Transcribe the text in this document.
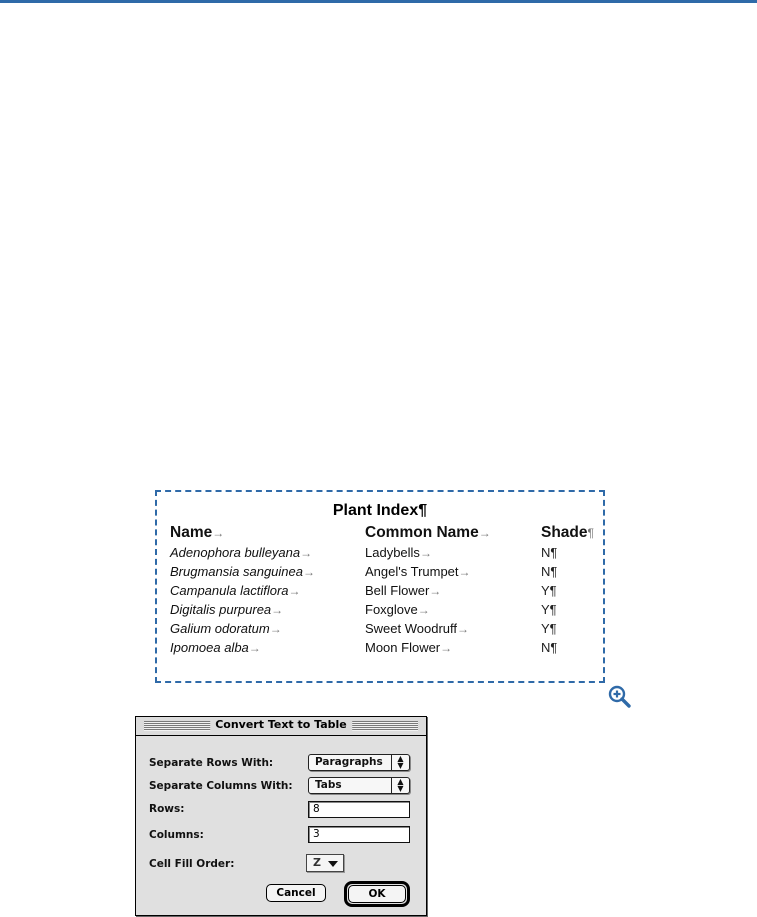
Plant Index¶
Name→	Common Name→	Shade¶
Adenophora bulleyana→	Ladybells→	N¶
Brugmansia sanguinea→	Angel's Trumpet→	N¶
Campanula lactiflora→	Bell Flower→	Y¶
Digitalis purpurea→	Foxglove→	Y¶
Galium odoratum→	Sweet Woodruff→	Y¶
Ipomoea alba→	Moon Flower→	N¶
Convert Text to Table
Separate Rows With:	Paragraphs	▲
▼
Separate Columns With: Tabs	▲
▼
Rows:	8
Columns:	3
Cell Fill Order:	Z
Cancel	OK
